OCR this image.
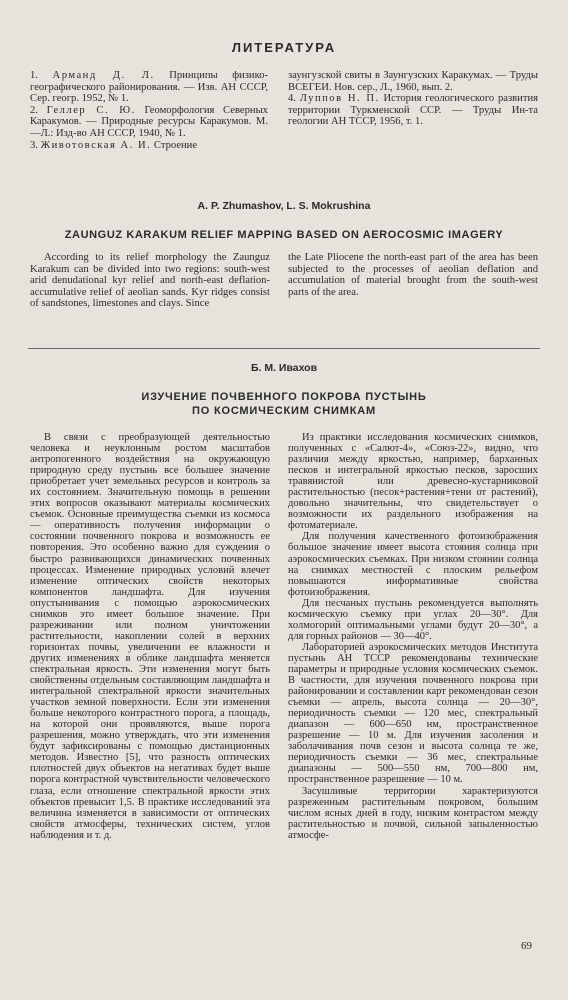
ЛИТЕРАТУРА

1. Арманд Д. Л. Принципы физико-географического районирования. — Изв. АН СССР, Сер. геогр. 1952, № 1.

2. Геллер С. Ю. Геоморфология Северных Каракумов. — Природные ресурсы Каракумов. М.—Л.: Изд-во АН СССР, 1940, № 1.

3. Животовская А. И. Строение

заунгузской свиты в Заунгузских Каракумах. — Труды ВСЕГЕИ. Нов. сер., Л., 1960, вып. 2.

4. Луппов Н. П. История геологического развития территории Туркменской ССР. — Труды Ин-та геологии АН ТССР, 1956, т. 1.

A. P. Zhumashov, L. S. Mokrushina
ZAUNGUZ KARAKUM RELIEF MAPPING BASED ON AEROCOSMIC IMAGERY

According to its relief morphology the Zaunguz Karakum can be divided into two regions: south-west arid denudational kyr relief and north-east deflation-accumulative relief of aeolian sands. Kyr ridges consist of sandstones, limestones and clays. Since

the Late Pliocene the north-east part of the area has been subjected to the processes of aeolian deflation and accumulation of material brought from the south-west parts of the area.

Б. М. Ивахов
ИЗУЧЕНИЕ ПОЧВЕННОГО ПОКРОВА ПУСТЫНЬ
ПО КОСМИЧЕСКИМ СНИМКАМ

В связи с преобразующей деятельностью человека и неуклонным ростом масштабов антропогенного воздействия на окружающую природную среду пустынь все большее значение приобретает учет земельных ресурсов и контроль за их состоянием. Значительную помощь в решении этих вопросов оказывают материалы космических съемок. Основные преимущества съемки из космоса — оперативность получения информации о состоянии почвенного покрова и возможность ее повторения. Это особенно важно для суждения о быстро развивающихся динамических почвенных процессах. Изменение природных условий влечет изменение оптических свойств некоторых компонентов ландшафта. Для изучения опустынивания с помощью аэрокосмических снимков это имеет большое значение. При разреживании или полном уничтожении растительности, накоплении солей в верхних горизонтах почвы, увеличении ее влажности и других изменениях в облике ландшафта меняется спектральная яркость. Эти изменения могут быть свойственны отдельным составляющим ландшафта и интегральной спектральной яркости значительных участков земной поверхности. Если эти изменения больше некоторого контрастного порога, а площадь, на которой они проявляются, выше порога разрешения, можно утверждать, что эти изменения будут зафиксированы с помощью дистанционных методов. Известно [5], что разность оптических плотностей двух объектов на негативах будет выше порога контрастной чувствительности человеческого глаза, если отношение спектральной яркости этих объектов превысит 1,5. В практике исследований эта величина изменяется в зависимости от оптических свойств атмосферы, технических систем, углов наблюдения и т. д.

Из практики исследования космических снимков, полученных с «Салют-4», «Союз-22», видно, что различия между яркостью, например, барханных песков и интегральной яркостью песков, заросших травянистой или древесно-кустарниковой растительностью (песок+растения+тени от растений), довольно значительны, что свидетельствует о возможности их раздельного изображения на фотоматериале.

Для получения качественного фотоизображения большое значение имеет высота стояния солнца при аэрокосмических съемках. При низком стоянии солнца на снимках местностей с плоским рельефом повышаются информативные свойства фотоизображения.

Для песчаных пустынь рекомендуется выполнять космическую съемку при углах 20—30°. Для холмогорий оптимальными углами будут 20—30°, а для горных районов — 30—40°.

Лабораторией аэрокосмических методов Института пустынь АН ТССР рекомендованы технические параметры и природные условия космических съемок. В частности, для изучения почвенного покрова при районировании и составлении карт рекомендован сезон съемки — апрель, высота солнца — 20—30°, периодичность съемки — 120 мес, спектральный диапазон — 600—650 нм, пространственное разрешение — 10 м. Для изучения засоления и заболачивания почв сезон и высота солнца те же, периодичность съемки — 36 мес, спектральные диапазоны — 500—550 нм, 700—800 нм, пространственное разрешение — 10 м.

Засушливые территории характеризуются разреженным растительным покровом, большим числом ясных дней в году, низким контрастом между растительностью и почвой, сильной запыленностью атмосфе-

69
